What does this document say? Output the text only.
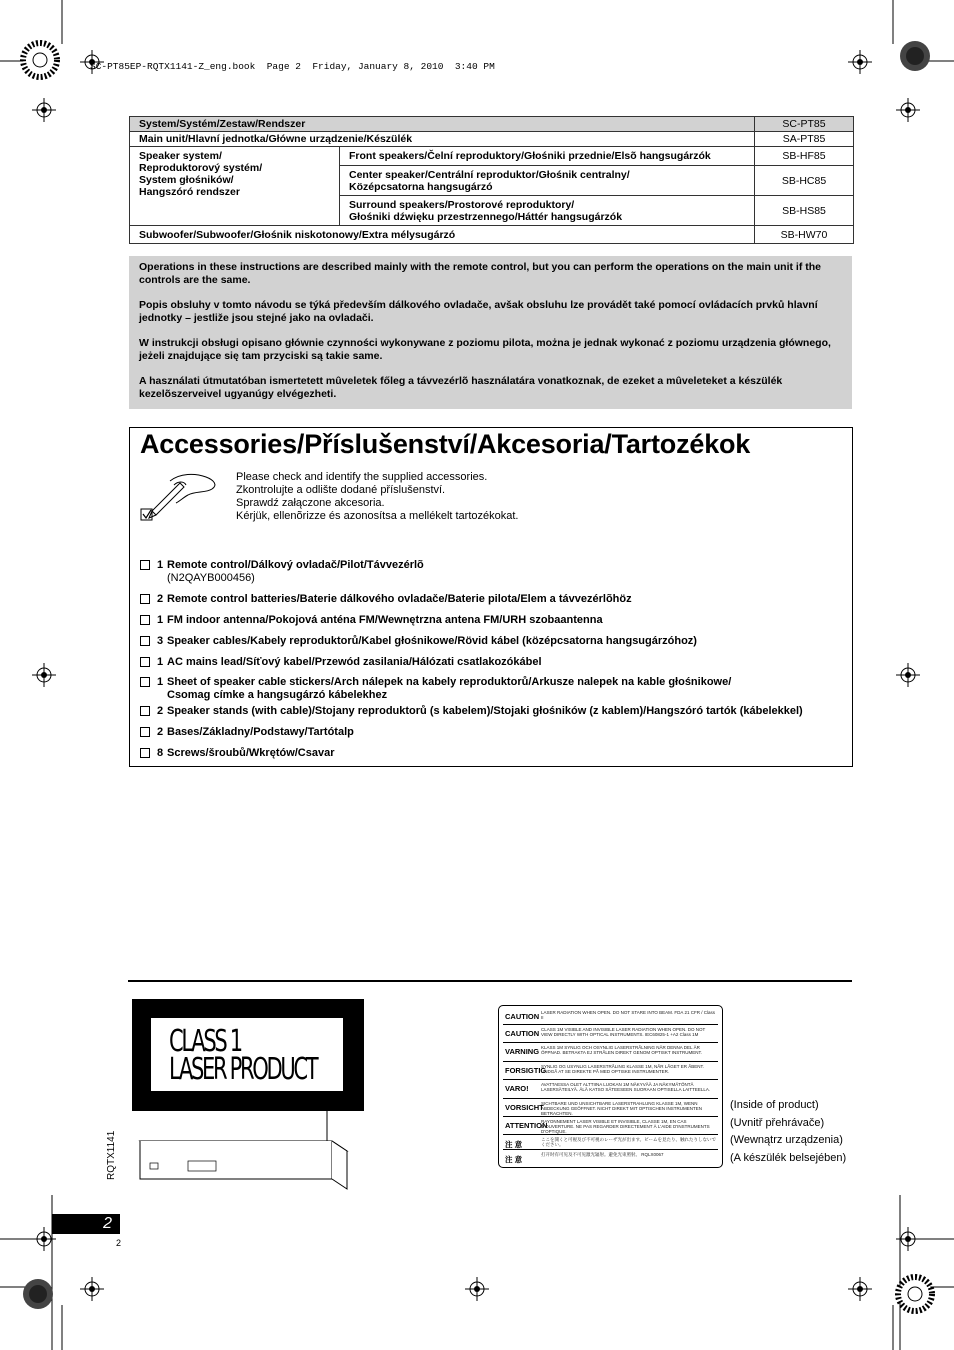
SC-PT85EP-RQTX1141-Z_eng.book  Page 2  Friday, January 8, 2010  3:40 PM
System/Systém/Zestaw/Rendszer		SC-PT85
Main unit/Hlavní jednotka/Główne urządzenie/Készülék		SA-PT85

Speaker system/
Reproduktorový systém/
System głośników/
Hangszóró rendszer	Front speakers/Čelní reproduktory/Głośniki przednie/Elsõ hangsugárzók	SB-HF85

	Center speaker/Centrální reproduktor/Głośnik centralny/
Középcsatorna hangsugárzó	SB-HC85

	Surround speakers/Prostorové reproduktory/
Głośniki dźwięku przestrzennego/Háttér hangsugárzók	SB-HS85
Subwoofer/Subwoofer/Głośnik niskotonowy/Extra mélysugárzó		SB-HW70

Operations in these instructions are described mainly with the remote control, but you can perform the operations on the main unit if the controls are the same.

Popis obsluhy v tomto návodu se týká především dálkového ovladače, avšak obsluhu lze provádět také pomocí ovládacích prvků hlavní jednotky – jestliže jsou stejné jako na ovladači.

W instrukcji obsługi opisano głównie czynności wykonywane z poziomu pilota, można je jednak wykonać z poziomu urządzenia głównego, jeżeli znajdujące się tam przyciski są takie same.

A használati útmutatóban ismertetett mûveletek főleg a távvezérlõ használatára vonatkoznak, de ezeket a mûveleteket a készülék kezelõszerveivel ugyanúgy elvégezheti.

Accessories/Příslušenství/Akcesoria/Tartozékok
Please check and identify the supplied accessories.
Zkontrolujte a odlište dodané příslušenství.
Sprawdź załączone akcesoria.
Kérjük, ellenõrizze és azonosítsa a mellékelt tartozékokat.
1 Remote control/Dálkový ovladač/Pilot/Távvezérlõ
(N2QAYB000456)
2 Remote control batteries/Baterie dálkového ovladače/Baterie pilota/Elem a távvezérlõhöz
1 FM indoor antenna/Pokojová anténa FM/Wewnętrzna antena FM/URH szobaantenna
3 Speaker cables/Kabely reproduktorů/Kabel głośnikowe/Rövid kábel (középcsatorna hangsugárzóhoz)
1 AC mains lead/Síťový kabel/Przewód zasilania/Hálózati csatlakozókábel
1 Sheet of speaker cable stickers/Arch nálepek na kabely reproduktorů/Arkusze nalepek na kable głośnikowe/
Csomag címke a hangsugárzó kábelekhez
2 Speaker stands (with cable)/Stojany reproduktorů (s kabelem)/Stojaki głośników (z kablem)/Hangszóró tartók (kábelekkel)
2 Bases/Základny/Podstawy/Tartótalp
8 Screws/šroubů/Wkrętów/Csavar
CLASS 1
LASER PRODUCT
CAUTION LASER RADIATION WHEN OPEN. DO NOT STARE INTO BEAM. FDA 21 CFR / Class II
CAUTION CLASS 1M VISIBLE AND INVISIBLE LASER RADIATION WHEN OPEN. DO NOT VIEW DIRECTLY WITH OPTICAL INSTRUMENTS. IEC60825-1 +A2 Class 1M
VARNING KLASS 1M SYNLIG OCH OSYNLIG LASERSTRÅLNING NÄR DENNA DEL ÄR ÖPPNAD. BETRAKTA EJ STRÅLEN DIREKT GENOM OPTISKT INSTRUMENT.
FORSIGTIG
SYNLIG OG USYNLIG LASERSTRÅLING KLASSE 1M, NÅR LÅGET ER ÅBENT. UNDGÅ AT SE DIREKTE PÅ MED OPTISKE INSTRUMENTER.
VARO!	AVATTAESSA OLET ALTTIINA LUOKAN 1M NÄKYVÄÄ JA NÄKYMÄTÖNTÄ LASERSÄTEILYÄ. ÄLÄ KATSO SÄTEESEEN SUORAAN OPTISELLA LAITTEELLA.
VORSICHT
SICHTBARE UND UNSICHTBARE LASERSTRAHLUNG KLASSE 1M, WENN ABDECKUNG GEÖFFNET. NICHT DIREKT MIT OPTISCHEN INSTRUMENTEN BETRACHTEN.
ATTENTION
RAYONNEMENT LASER VISIBLE ET INVISIBLE, CLASSE 1M, EN CAS D'OUVERTURE. NE PAS REGARDER DIRECTEMENT À L'AIDE D'INSTRUMENTS D'OPTIQUE.
注 意
ここを開くと可視及び不可視のレーザ光が出ます。ビームを見たり、触れたりしないでください。
注 意
打开时有可见及不可见激光辐射。避免光束照射。 RQLX0067
(Inside of product)
(Uvnitř přehrávače)
(Wewnątrz urządzenia)
(A készülék belsejében)
RQTX1141
2
2
